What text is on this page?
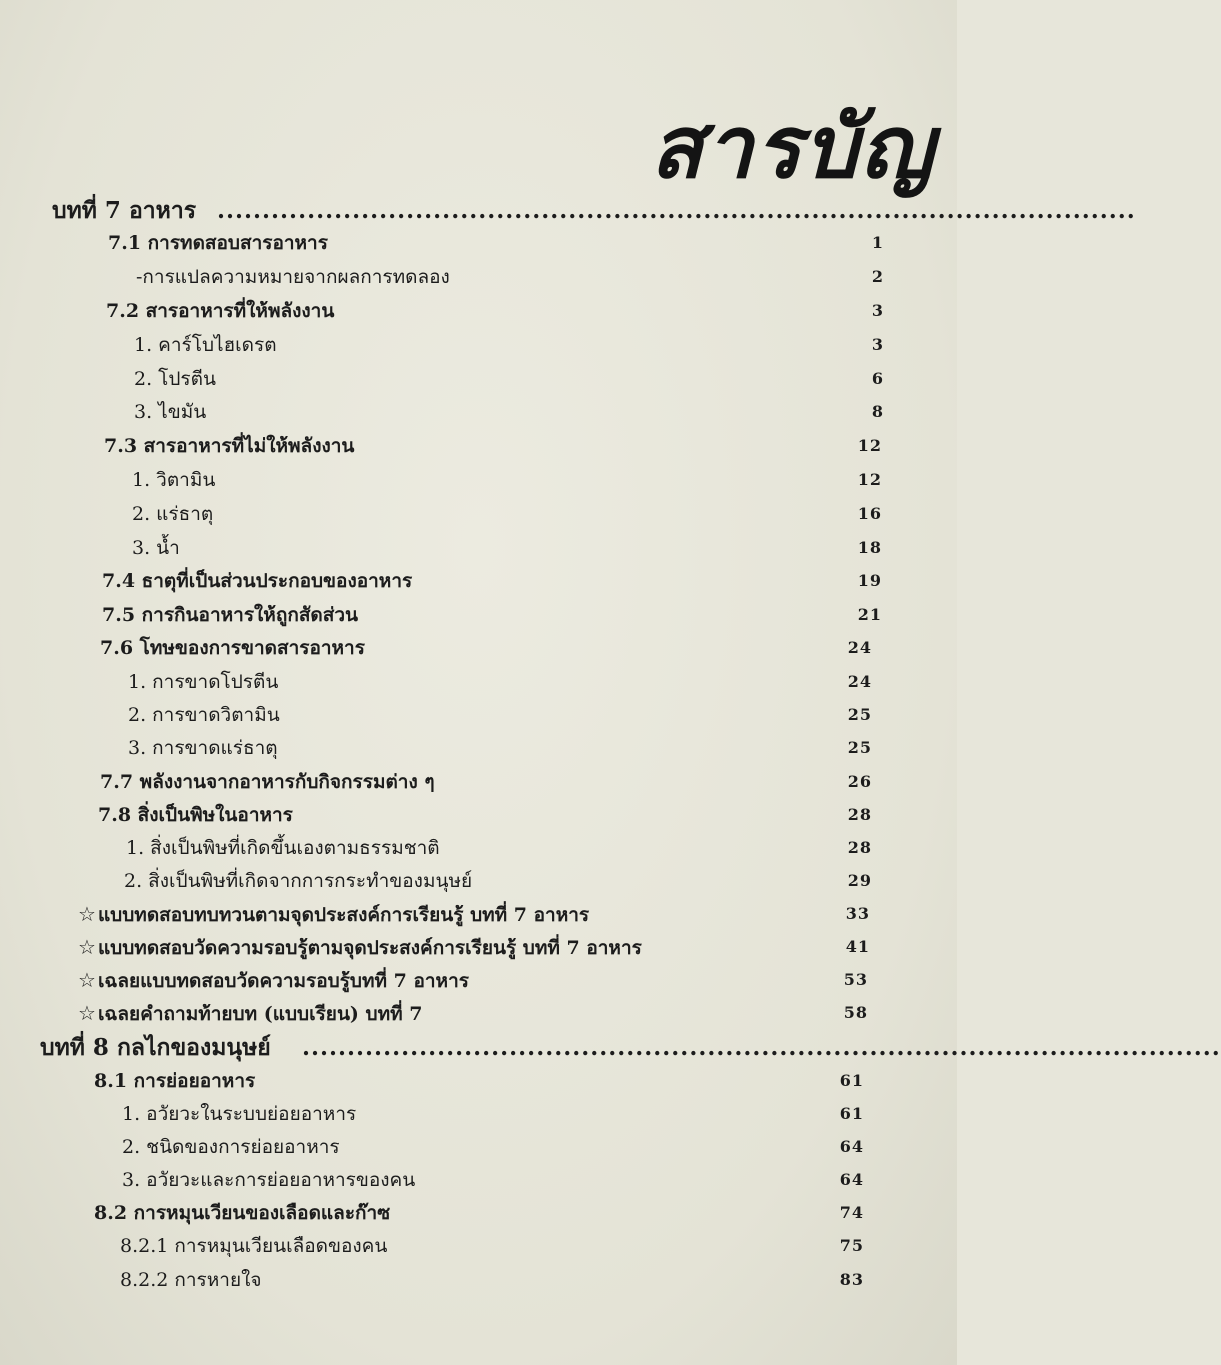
สารบัญ
บทที่ 7 อาหาร ......................................................................................................
7.1 การทดสอบสารอาหาร	1
-การแปลความหมายจากผลการทดลอง	2
7.2 สารอาหารที่ให้พลังงาน	3
1. คาร์โบไฮเดรต	3
2. โปรตีน	6
3. ไขมัน	8
7.3 สารอาหารที่ไม่ให้พลังงาน	12
1. วิตามิน	12
2. แร่ธาตุ	16
3. น้ำ	18
7.4 ธาตุที่เป็นส่วนประกอบของอาหาร	19
7.5 การกินอาหารให้ถูกสัดส่วน	21
7.6 โทษของการขาดสารอาหาร	24
1. การขาดโปรตีน	24
2. การขาดวิตามิน	25
3. การขาดแร่ธาตุ	25
7.7 พลังงานจากอาหารกับกิจกรรมต่าง ๆ	26
7.8 สิ่งเป็นพิษในอาหาร	28
1. สิ่งเป็นพิษที่เกิดขึ้นเองตามธรรมชาติ	28
2. สิ่งเป็นพิษที่เกิดจากการกระทำของมนุษย์	29
☆ แบบทดสอบทบทวนตามจุดประสงค์การเรียนรู้ บทที่ 7 อาหาร	33
☆ แบบทดสอบวัดความรอบรู้ตามจุดประสงค์การเรียนรู้ บทที่ 7 อาหาร	41
☆ เฉลยแบบทดสอบวัดความรอบรู้บทที่ 7 อาหาร	53
☆ เฉลยคำถามท้ายบท (แบบเรียน) บทที่ 7	58
บทที่ 8 กลไกของมนุษย์ ......................................................................................................
8.1 การย่อยอาหาร	61
1. อวัยวะในระบบย่อยอาหาร	61
2. ชนิดของการย่อยอาหาร	64
3. อวัยวะและการย่อยอาหารของคน	64
8.2 การหมุนเวียนของเลือดและก๊าซ	74
8.2.1 การหมุนเวียนเลือดของคน	75
8.2.2 การหายใจ	83
